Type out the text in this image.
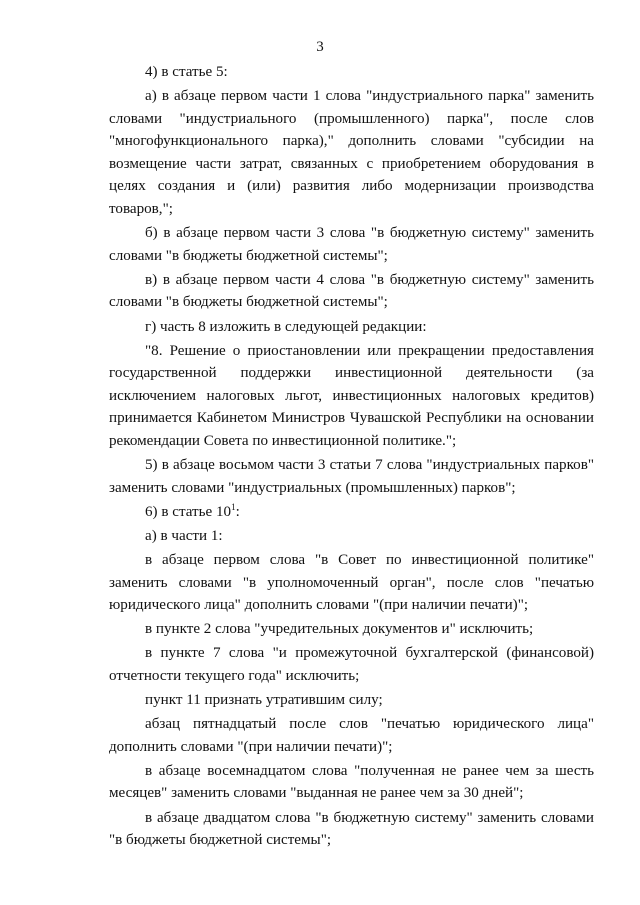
3

4) в статье 5:

а) в абзаце первом части 1 слова "индустриального парка" заменить словами "индустриального (промышленного) парка", после слов "многофункционального парка)," дополнить словами "субсидии на возмещение части затрат, связанных с приобретением оборудования в целях создания и (или) развития либо модернизации производства товаров,";

б) в абзаце первом части 3 слова "в бюджетную систему" заменить словами "в бюджеты бюджетной системы";

в) в абзаце первом части 4 слова "в бюджетную систему" заменить словами "в бюджеты бюджетной системы";

г) часть 8 изложить в следующей редакции:

"8. Решение о приостановлении или прекращении предоставления государственной поддержки инвестиционной деятельности (за исключением налоговых льгот, инвестиционных налоговых кредитов) принимается Кабинетом Министров Чувашской Республики на основании рекомендации Совета по инвестиционной политике.";

5) в абзаце восьмом части 3 статьи 7 слова "индустриальных парков" заменить словами "индустриальных (промышленных) парков";

6) в статье $10^1$:

а) в части 1:

в абзаце первом слова "в Совет по инвестиционной политике" заменить словами "в уполномоченный орган", после слов "печатью юридического лица" дополнить словами "(при наличии печати)";

в пункте 2 слова "учредительных документов и" исключить;

в пункте 7 слова "и промежуточной бухгалтерской (финансовой) отчетности текущего года" исключить;

пункт 11 признать утратившим силу;

абзац пятнадцатый после слов "печатью юридического лица" дополнить словами "(при наличии печати)";

в абзаце восемнадцатом слова "полученная не ранее чем за шесть месяцев" заменить словами "выданная не ранее чем за 30 дней";

в абзаце двадцатом слова "в бюджетную систему" заменить словами "в бюджеты бюджетной системы";
